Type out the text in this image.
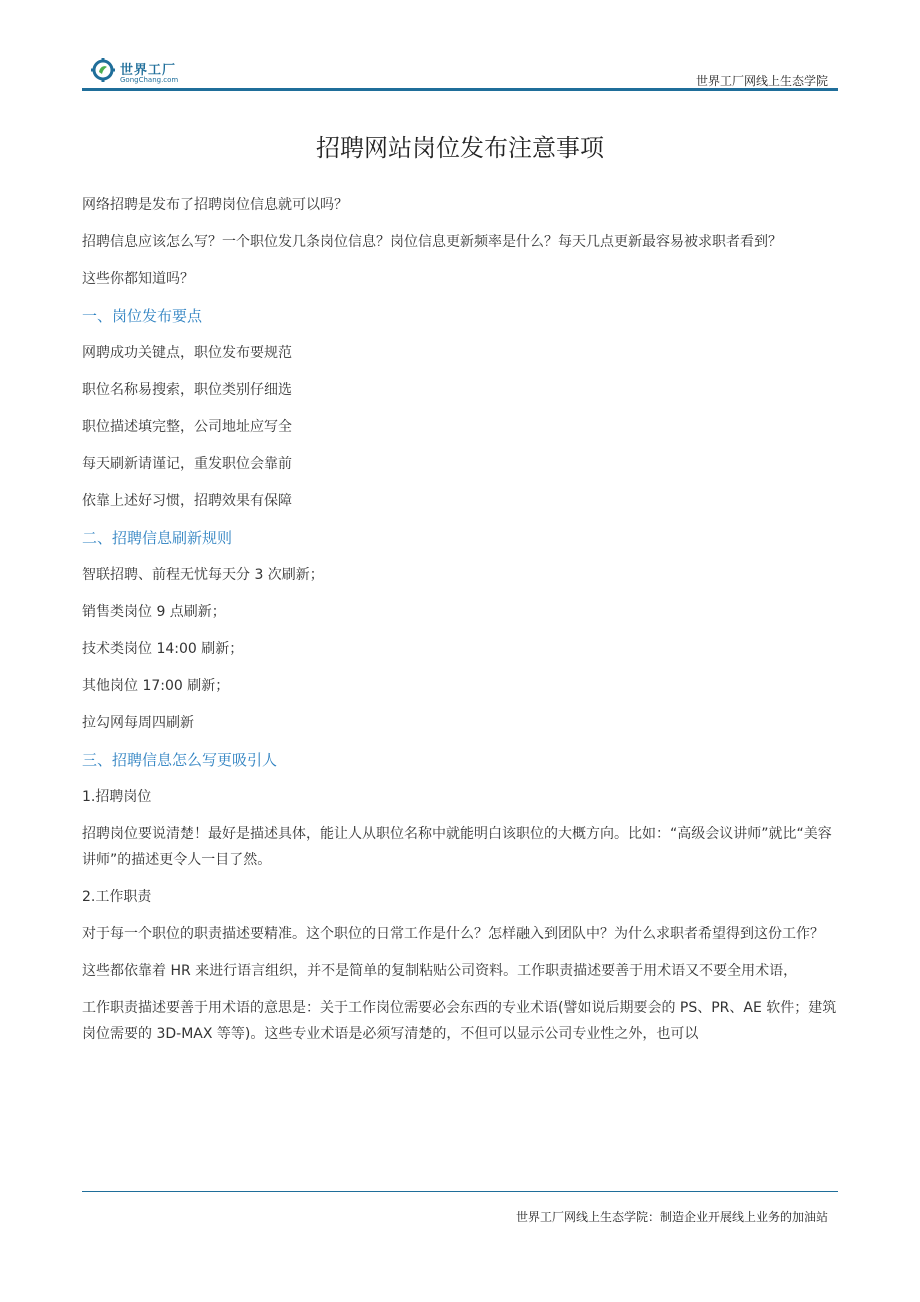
世界工厂
GongChang.com	世界工厂网线上生态学院
招聘网站岗位发布注意事项
网络招聘是发布了招聘岗位信息就可以吗？
招聘信息应该怎么写？一个职位发几条岗位信息？岗位信息更新频率是什么？每天几点更新最容易被求职者看到？
这些你都知道吗？
一、岗位发布要点
网聘成功关键点，职位发布要规范
职位名称易搜索，职位类别仔细选
职位描述填完整，公司地址应写全
每天刷新请谨记，重发职位会靠前
依靠上述好习惯，招聘效果有保障
二、招聘信息刷新规则
智联招聘、前程无忧每天分 3 次刷新；
销售类岗位 9 点刷新；
技术类岗位 14:00 刷新；
其他岗位 17:00 刷新；
拉勾网每周四刷新
三、招聘信息怎么写更吸引人
1.招聘岗位
招聘岗位要说清楚！最好是描述具体，能让人从职位名称中就能明白该职位的大概方向。比如：“高级会议讲师”就比“美容讲师”的描述更令人一目了然。
2.工作职责
对于每一个职位的职责描述要精准。这个职位的日常工作是什么？怎样融入到团队中？为什么求职者希望得到这份工作？
这些都依靠着 HR 来进行语言组织，并不是简单的复制粘贴公司资料。工作职责描述要善于用术语又不要全用术语，
工作职责描述要善于用术语的意思是：关于工作岗位需要必会东西的专业术语(譬如说后期要会的 PS、PR、AE 软件；建筑岗位需要的 3D-MAX 等等)。这些专业术语是必须写清楚的，不但可以显示公司专业性之外，也可以
世界工厂网线上生态学院：制造企业开展线上业务的加油站
